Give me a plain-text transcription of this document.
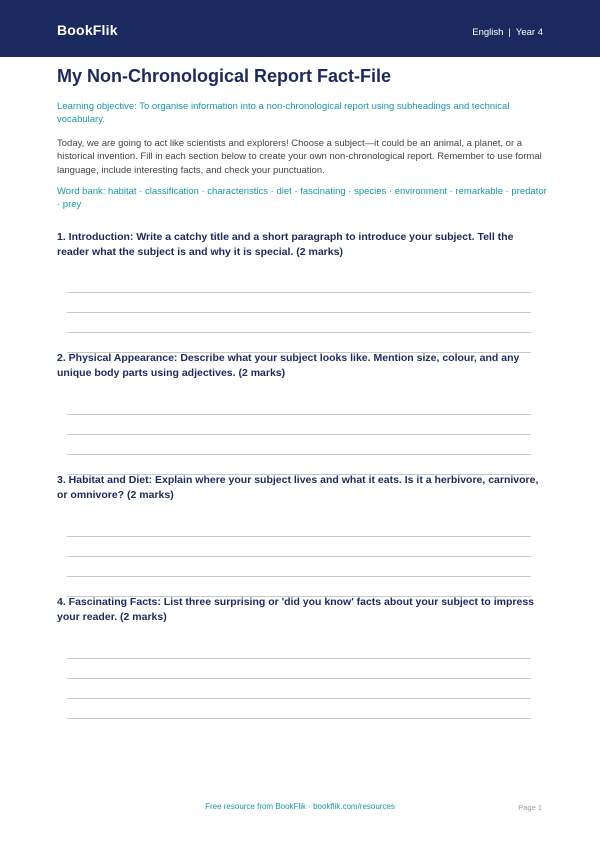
BookFlik	English | Year 4
My Non-Chronological Report Fact-File

Learning objective: To organise information into a non-chronological report using subheadings and technical vocabulary.

Today, we are going to act like scientists and explorers! Choose a subject—it could be an animal, a planet, or a historical invention. Fill in each section below to create your own non-chronological report. Remember to use formal language, include interesting facts, and check your punctuation.

Word bank: habitat · classification · characteristics · diet · fascinating · species · environment · remarkable · predator · prey

1. Introduction: Write a catchy title and a short paragraph to introduce your subject. Tell the reader what the subject is and why it is special. (2 marks)

2. Physical Appearance: Describe what your subject looks like. Mention size, colour, and any unique body parts using adjectives. (2 marks)

3. Habitat and Diet: Explain where your subject lives and what it eats. Is it a herbivore, carnivore, or omnivore? (2 marks)

4. Fascinating Facts: List three surprising or 'did you know' facts about your subject to impress your reader. (2 marks)

Free resource from BookFlik · bookflik.com/resources	Page 1
